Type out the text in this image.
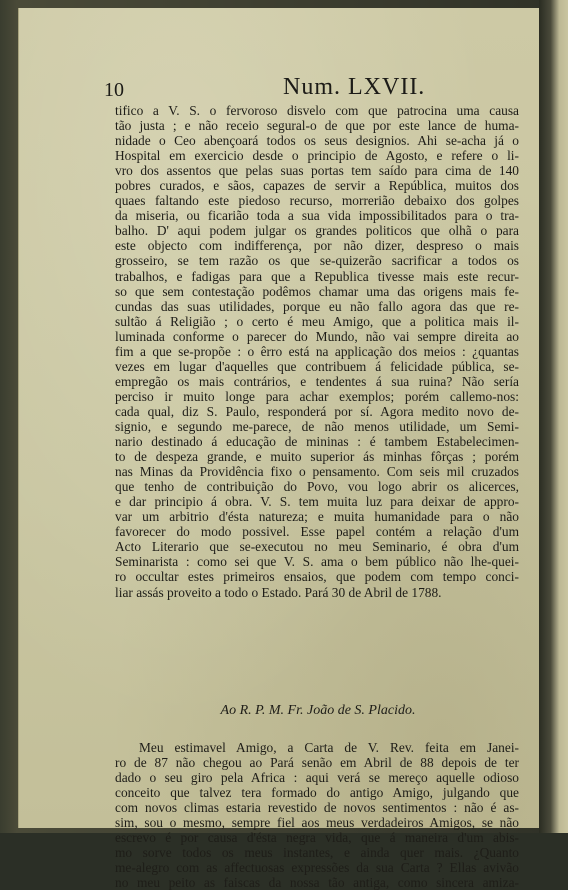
10	Num. LXVII.
tifico a V. S. o fervoroso disvelo com que patrocina uma causa
tão justa ; e não receio segural-o de que por este lance de huma-
nidade o Ceo abençoará todos os seus designios. Ahi se-acha já o
Hospital em exercicio desde o principio de Agosto, e refere o li-
vro dos assentos que pelas suas portas tem saído para cima de 140
pobres curados, e sãos, capazes de servir a República, muitos dos
quaes faltando este piedoso recurso, morrerião debaixo dos golpes
da miseria, ou ficarião toda a sua vida impossibilitados para o tra-
balho. D' aqui podem julgar os grandes politicos que olhã o para
este objecto com indifferença, por não dizer, despreso o mais
grosseiro, se tem razão os que se-quizerão sacrificar a todos os
trabalhos, e fadigas para que a Republica tivesse mais este recur-
so que sem contestação podêmos chamar uma das origens mais fe-
cundas das suas utilidades, porque eu não fallo agora das que re-
sultão á Religião ; o certo é meu Amigo, que a politica mais il-
luminada conforme o parecer do Mundo, não vai sempre direita ao
fim a que se-propõe : o êrro está na applicação dos meios : ¿quantas
vezes em lugar d'aquelles que contribuem á felicidade pública, se-
empregão os mais contrários, e tendentes á sua ruina? Não sería
perciso ir muito longe para achar exemplos; porém callemo-nos:
cada qual, diz S. Paulo, responderá por sí. Agora medito novo de-
signio, e segundo me-parece, de não menos utilidade, um Semi-
nario destinado á educação de mininas : é tambem Estabelecimen-
to de despeza grande, e muito superior ás minhas fôrças ; porém
nas Minas da Providência fixo o pensamento. Com seis mil cruzados
que tenho de contribuição do Povo, vou logo abrir os alicerces,
e dar principio á obra. V. S. tem muita luz para deixar de appro-
var um arbitrio d'ésta natureza; e muita humanidade para o não
favorecer do modo possivel. Esse papel contém a relação d'um
Acto Literario que se-executou no meu Seminario, é obra d'um
Seminarista : como sei que V. S. ama o bem público não lhe-quei-
ro occultar estes primeiros ensaios, que podem com tempo conci-
liar assás proveito a todo o Estado. Pará 30 de Abril de 1788.
Ao R. P. M. Fr. João de S. Placido.
Meu estimavel Amigo, a Carta de V. Rev. feita em Janei-
ro de 87 não chegou ao Pará senão em Abril de 88 depois de ter
dado o seu giro pela Africa : aqui verá se mereço aquelle odioso
conceito que talvez tera formado do antigo Amigo, julgando que
com novos climas estaria revestido de novos sentimentos : não é as-
sim, sou o mesmo, sempre fiel aos meus verdadeiros Amigos, se não
escrevo é por causa d'ésta negra vida, que á maneira d'um abis-
mo sorve todos os meus instantes, e ainda quer mais. ¿Quanto
me-alegro com as affectuosas expressões da sua Carta ? Ellas avivão
no meu peito as faiscas da nossa tão antiga, como sincera amiza-
